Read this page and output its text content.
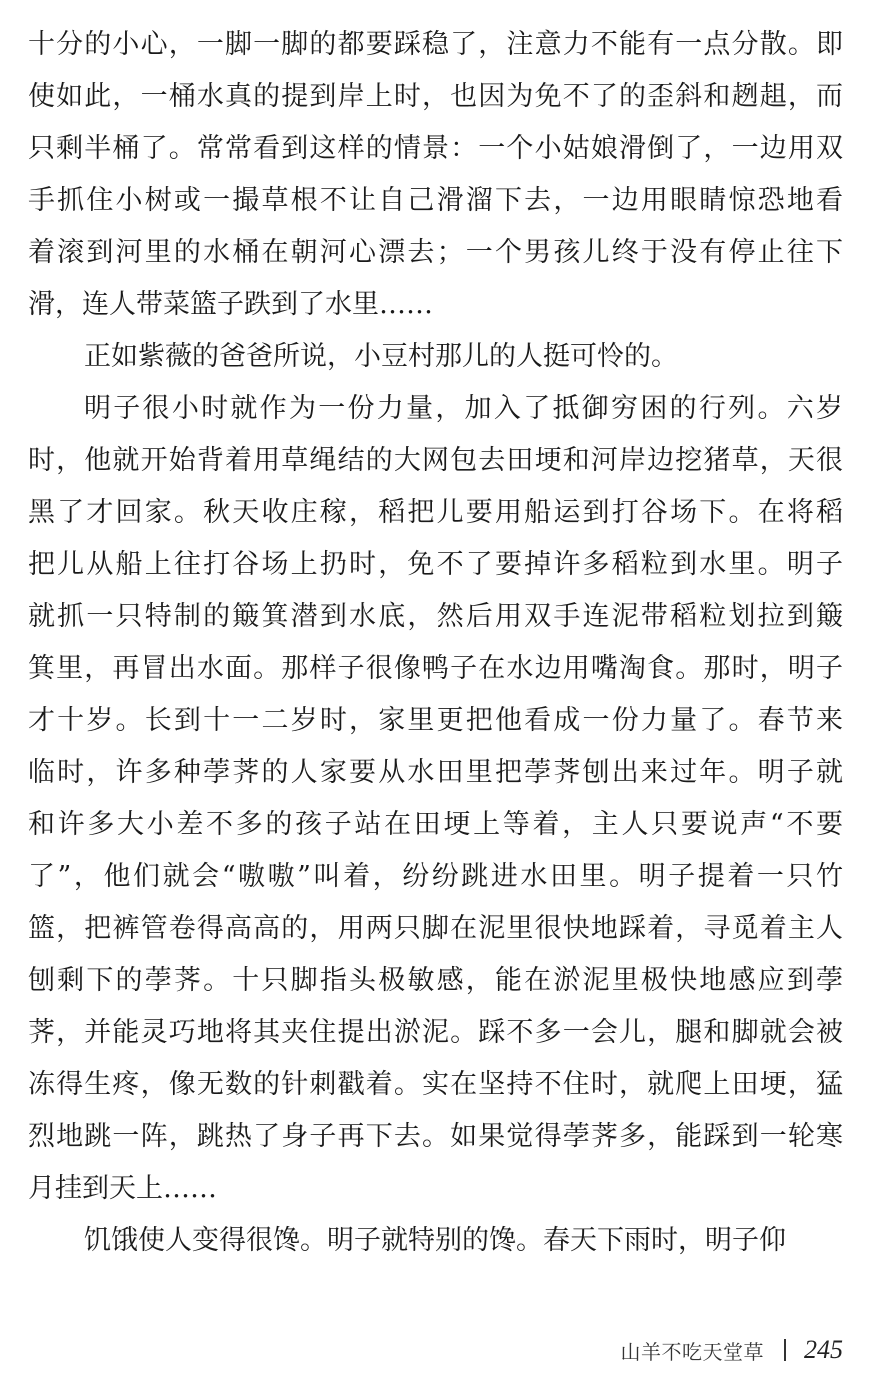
十分的小心，一脚一脚的都要踩稳了，注意力不能有一点分散。即
使如此，一桶水真的提到岸上时，也因为免不了的歪斜和趔趄，而
只剩半桶了。常常看到这样的情景：一个小姑娘滑倒了，一边用双
手抓住小树或一撮草根不让自己滑溜下去，一边用眼睛惊恐地看
着滚到河里的水桶在朝河心漂去；一个男孩儿终于没有停止往下
滑，连人带菜篮子跌到了水里……
正如紫薇的爸爸所说，小豆村那儿的人挺可怜的。
明子很小时就作为一份力量，加入了抵御穷困的行列。六岁
时，他就开始背着用草绳结的大网包去田埂和河岸边挖猪草，天很
黑了才回家。秋天收庄稼，稻把儿要用船运到打谷场下。在将稻
把儿从船上往打谷场上扔时，免不了要掉许多稻粒到水里。明子
就抓一只特制的簸箕潜到水底，然后用双手连泥带稻粒划拉到簸
箕里，再冒出水面。那样子很像鸭子在水边用嘴淘食。那时，明子
才十岁。长到十一二岁时，家里更把他看成一份力量了。春节来
临时，许多种荸荠的人家要从水田里把荸荠刨出来过年。明子就
和许多大小差不多的孩子站在田埂上等着，主人只要说声“不要
了”，他们就会“嗷嗷”叫着，纷纷跳进水田里。明子提着一只竹
篮，把裤管卷得高高的，用两只脚在泥里很快地踩着，寻觅着主人
刨剩下的荸荠。十只脚指头极敏感，能在淤泥里极快地感应到荸
荠，并能灵巧地将其夹住提出淤泥。踩不多一会儿，腿和脚就会被
冻得生疼，像无数的针刺戳着。实在坚持不住时，就爬上田埂，猛
烈地跳一阵，跳热了身子再下去。如果觉得荸荠多，能踩到一轮寒
月挂到天上……
饥饿使人变得很馋。明子就特别的馋。春天下雨时，明子仰
山羊不吃天堂草 245
